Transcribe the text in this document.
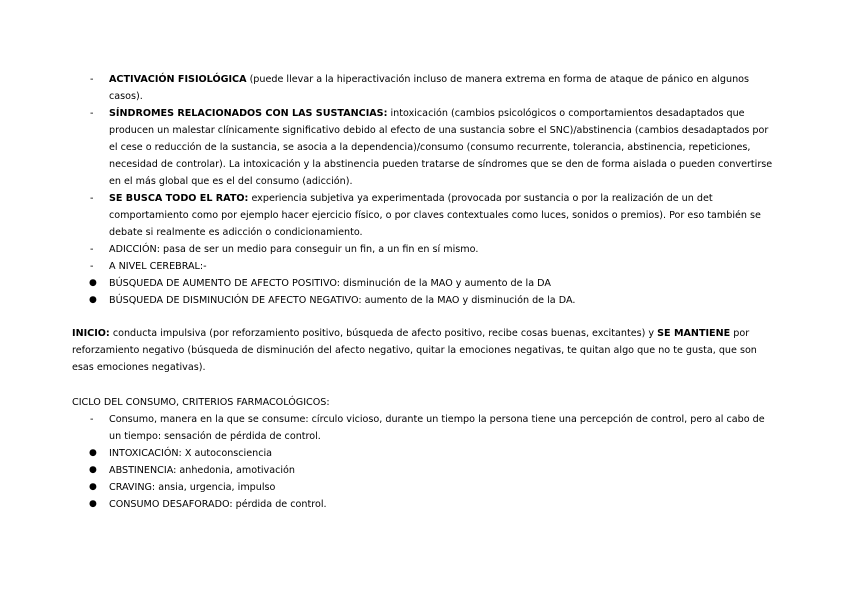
-	ACTIVACIÓN FISIOLÓGICA (puede llevar a la hiperactivación incluso de manera extrema en forma de ataque de pánico en algunos casos).
-	SÍNDROMES RELACIONADOS CON LAS SUSTANCIAS: intoxicación (cambios psicológicos o comportamientos desadaptados que producen un malestar clínicamente significativo debido al efecto de una sustancia sobre el SNC)/abstinencia (cambios desadaptados por el cese o reducción de la sustancia, se asocia a la dependencia)/consumo (consumo recurrente, tolerancia, abstinencia, repeticiones, necesidad de controlar). La intoxicación y la abstinencia pueden tratarse de síndromes que se den de forma aislada o pueden convertirse en el más global que es el del consumo (adicción).
-	SE BUSCA TODO EL RATO: experiencia subjetiva ya experimentada (provocada por sustancia o por la realización de un det comportamiento como por ejemplo hacer ejercicio físico, o por claves contextuales como luces, sonidos o premios). Por eso también se debate si realmente es adicción o condicionamiento.
-	ADICCIÓN: pasa de ser un medio para conseguir un fin, a un fin en sí mismo.
-	A NIVEL CEREBRAL:-
●	BÚSQUEDA DE AUMENTO DE AFECTO POSITIVO: disminución de la MAO y aumento de la DA
●	BÚSQUEDA DE DISMINUCIÓN DE AFECTO NEGATIVO: aumento de la MAO y disminución de la DA.

INICIO: conducta impulsiva (por reforzamiento positivo, búsqueda de afecto positivo, recibe cosas buenas, excitantes) y SE MANTIENE por reforzamiento negativo (búsqueda de disminución del afecto negativo, quitar la emociones negativas, te quitan algo que no te gusta, que son esas emociones negativas).

CICLO DEL CONSUMO, CRITERIOS FARMACOLÓGICOS:

-	Consumo, manera en la que se consume: círculo vicioso, durante un tiempo la persona tiene una percepción de control, pero al cabo de un tiempo: sensación de pérdida de control.
●	INTOXICACIÓN: X autoconsciencia
●	ABSTINENCIA: anhedonia, amotivación
●	CRAVING: ansia, urgencia, impulso
●	CONSUMO DESAFORADO: pérdida de control.
